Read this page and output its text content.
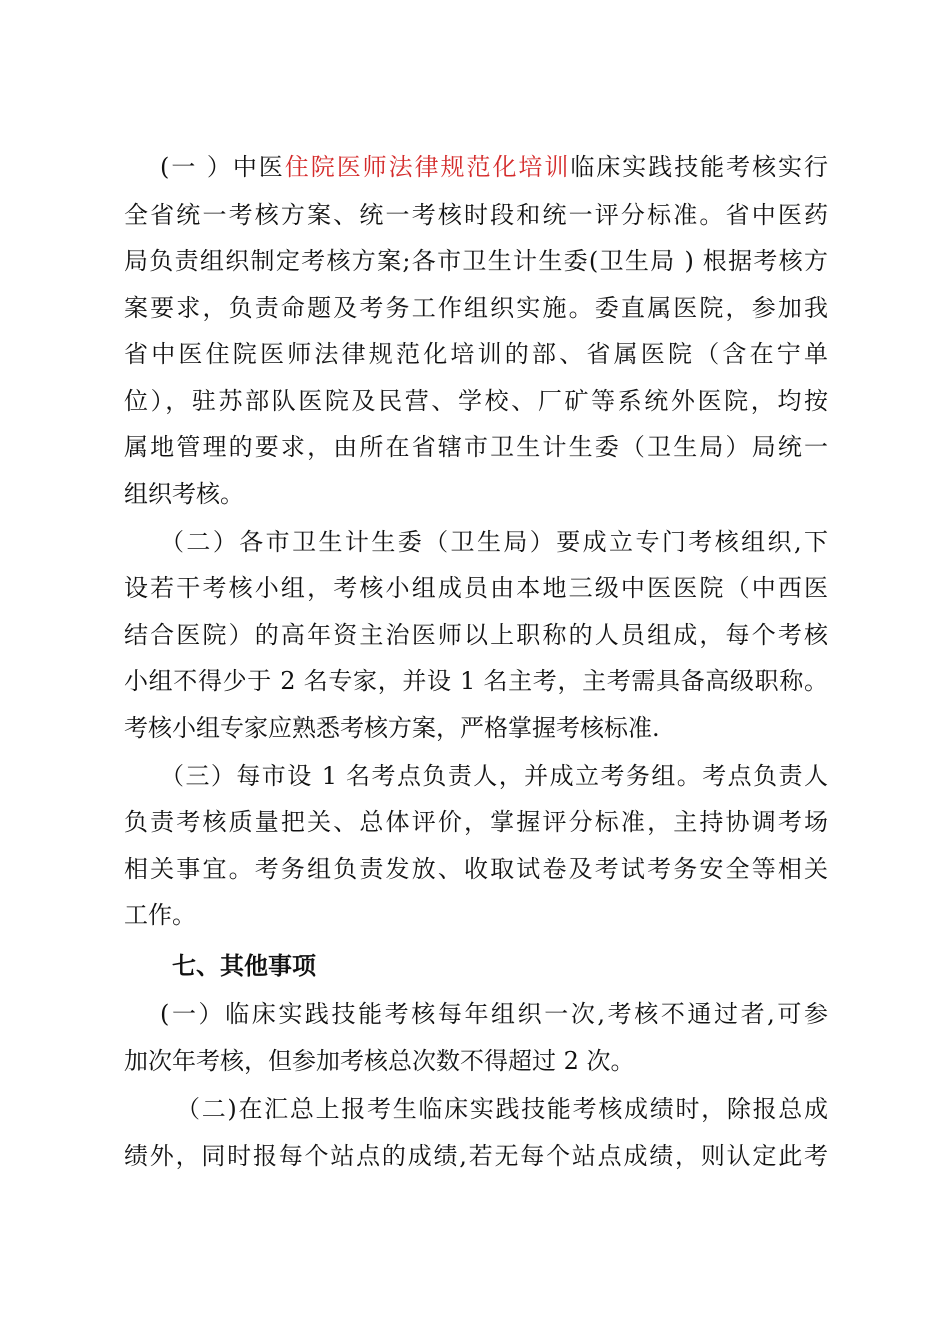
(一 ）中医住院医师法律规范化培训临床实践技能考核实行
全省统一考核方案、统一考核时段和统一评分标准。省中医药
局负责组织制定考核方案;各市卫生计生委(卫生局 ) 根据考核方
案要求，负责命题及考务工作组织实施。委直属医院，参加我
省中医住院医师法律规范化培训的部、省属医院（含在宁单
位），驻苏部队医院及民营、学校、厂矿等系统外医院，均按
属地管理的要求，由所在省辖市卫生计生委（卫生局）局统一
组织考核。
（二）各市卫生计生委（卫生局）要成立专门考核组织,下
设若干考核小组，考核小组成员由本地三级中医医院（中西医
结合医院）的高年资主治医师以上职称的人员组成，每个考核
小组不得少于 2 名专家，并设 1 名主考，主考需具备高级职称。
考核小组专家应熟悉考核方案，严格掌握考核标准.
（三）每市设 1 名考点负责人，并成立考务组。考点负责人
负责考核质量把关、总体评价，掌握评分标准，主持协调考场
相关事宜。考务组负责发放、收取试卷及考试考务安全等相关
工作。
七、其他事项
(一）临床实践技能考核每年组织一次,考核不通过者,可参
加次年考核，但参加考核总次数不得超过 2 次。
（二)在汇总上报考生临床实践技能考核成绩时，除报总成
绩外，同时报每个站点的成绩,若无每个站点成绩，则认定此考
